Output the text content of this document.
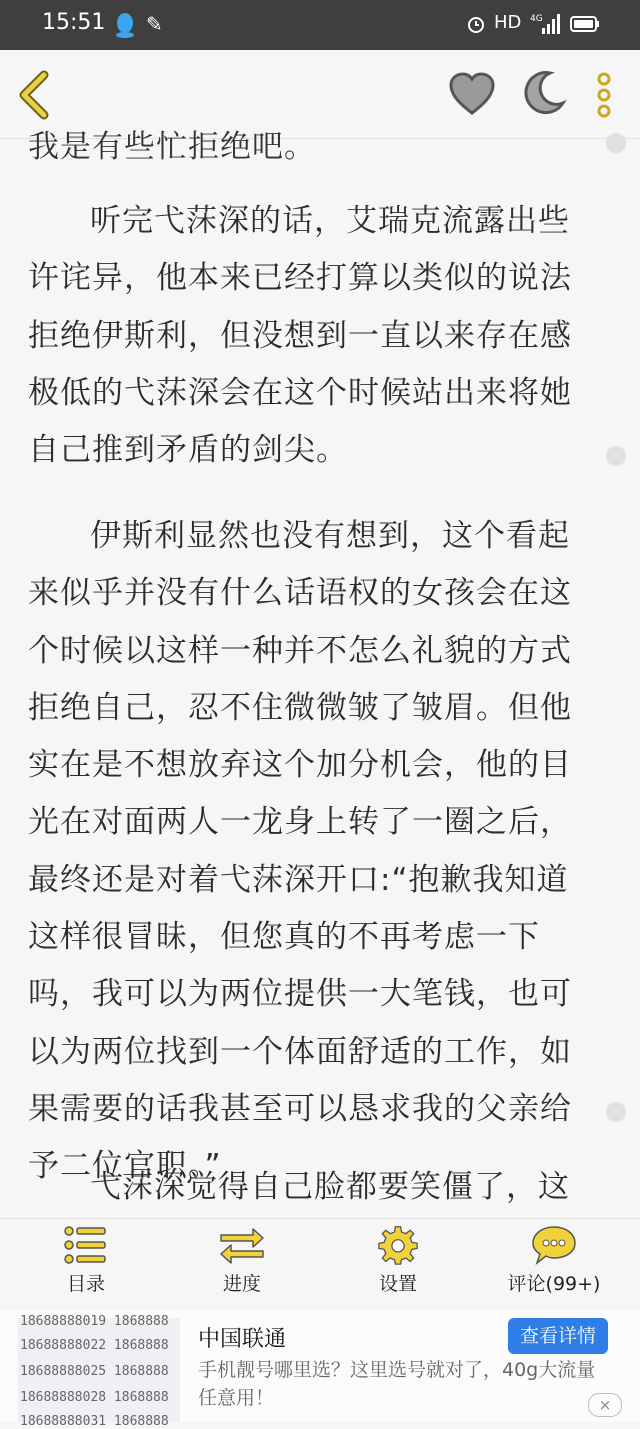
15:51 ✎	HD 4G
我是有些忙拒绝吧。

听完弋莯深的话，艾瑞克流露出些许诧异，他本来已经打算以类似的说法拒绝伊斯利，但没想到一直以来存在感极低的弋莯深会在这个时候站出来将她自己推到矛盾的剑尖。

伊斯利显然也没有想到，这个看起来似乎并没有什么话语权的女孩会在这个时候以这样一种并不怎么礼貌的方式拒绝自己，忍不住微微皱了皱眉。但他实在是不想放弃这个加分机会，他的目光在对面两人一龙身上转了一圈之后，最终还是对着弋莯深开口:“抱歉我知道这样很冒昧，但您真的不再考虑一下吗，我可以为两位提供一大笔钱，也可以为两位找到一个体面舒适的工作，如果需要的话我甚至可以恳求我的父亲给予二位官职。”

弋莯深觉得自己脸都要笑僵了，这

目录	进度	设置	评论(99+)
18688888019 1868888
18688888022 1868888
18688888025 1868888
18688888028 1868888
18688888031 1868888
中国联通	查看详情
手机靓号哪里选？这里选号就对了，40g大流量任意用！	×
